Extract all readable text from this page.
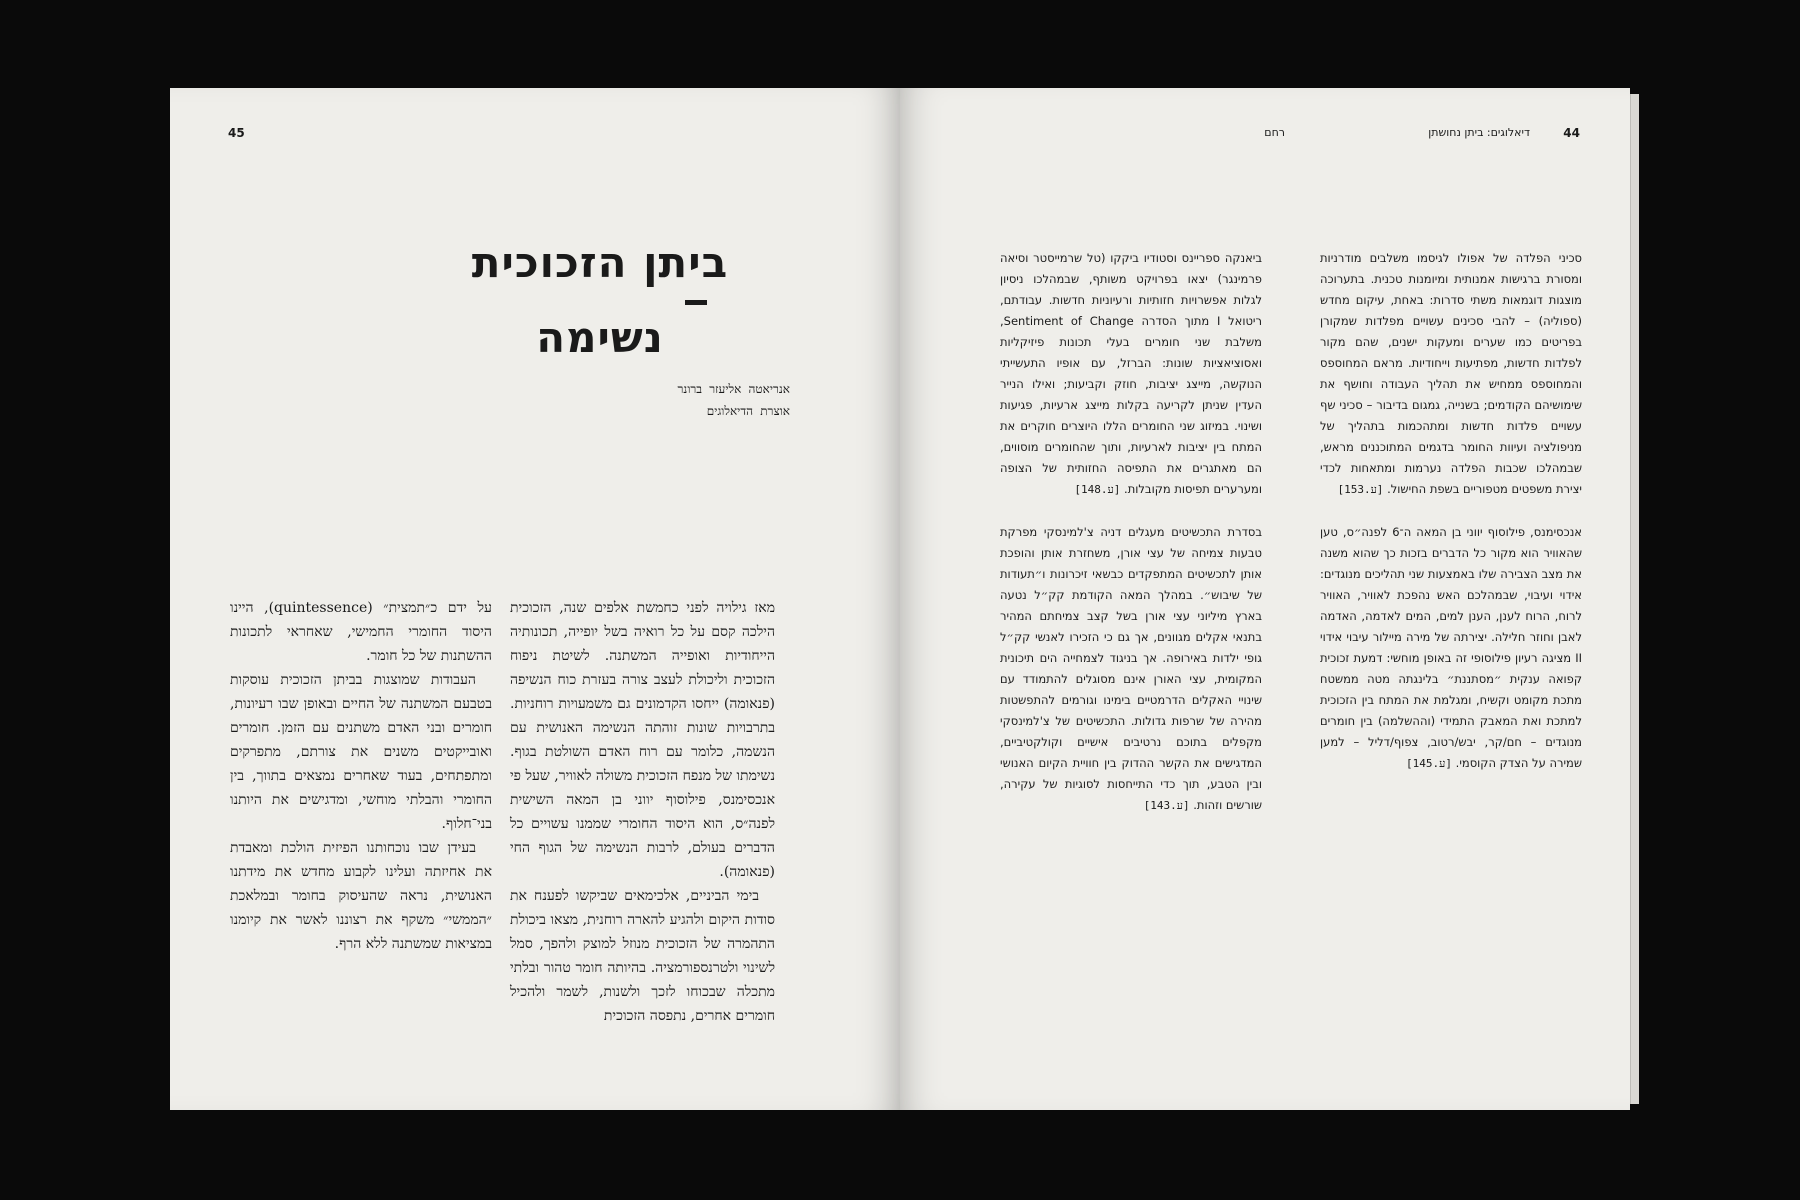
45
ביתן הזכוכית
נשימה
אנריאטה אליעזר ברונר
אוצרת הדיאלוגים

מאז גילויה לפני כחמשת אלפים שנה, הזכוכית הילכה קסם על כל רואיה בשל יופייה, תכונותיה הייחודיות ואופייה המשתנה. לשיטת ניפוח הזכוכית וליכולת לעצב צורה בעזרת כוח הנשיפה (פנאומה) ייחסו הקדמונים גם משמעויות רוחניות. בתרבויות שונות זוהתה הנשימה האנושית עם הנשמה, כלומר עם רוח האדם השולטת בגוף. נשימתו של מנפח הזכוכית משולה לאוויר, שעל פי אנכסימנס, פילוסוף יווני בן המאה השישית לפנה״ס, הוא היסוד החומרי שממנו עשויים כל הדברים בעולם, לרבות הנשימה של הגוף החי (פנאומה).

בימי הביניים, אלכימאים שביקשו לפענח את סודות היקום ולהגיע להארה רוחנית, מצאו ביכולת התהמרה של הזכוכית מנוזל למוצק ולהפך, סמל לשינוי ולטרנספורמציה. בהיותה חומר טהור ובלתי מתכלה שבכוחו לזכך ולשנות, לשמר ולהכיל חומרים אחרים, נתפסה הזכוכית

על ידם כ״תמצית״ (quintessence), היינו היסוד החומרי החמישי, שאחראי לתכונות ההשתנות של כל חומר.

העבודות שמוצגות בביתן הזכוכית עוסקות בטבעם המשתנה של החיים ובאופן שבו רעיונות, חומרים ובני האדם משתנים עם הזמן. חומרים ואובייקטים משנים את צורתם, מתפרקים ומתפתחים, בעוד שאחרים נמצאים בתווך, בין החומרי והבלתי מוחשי, ומדגישים את היותנו בני־חלוף.

בעידן שבו נוכחותנו הפיזית הולכת ומאבדת את אחיזתה ועלינו לקבוע מחדש את מידתנו האנושית, נראה שהעיסוק בחומר ובמלאכת ״הממשי״ משקף את רצוננו לאשר את קיומנו במציאות שמשתנה ללא הרף.

44
דיאלוגים: ביתן נחושתן
רחם

סכיני הפלדה של אפולו לגיסמו משלבים מודרניות ומסורת ברגישות אמנותית ומיומנות טכנית. בתערוכה מוצגות דוגמאות משתי סדרות: באחת, עיקום מחדש (ספוליה) – להבי סכינים עשויים מפלדות שמקורן בפריטים כמו שערים ומעקות ישנים, שהם מקור לפלדות חדשות, מפתיעות וייחודיות. מראם המחוספס והמחוספס ממחיש את תהליך העבודה וחושף את שימושיהם הקודמים; בשנייה, גמגום בדיבור – סכיני שף עשויים פלדות חדשות ומתהכמות בתהליך של מניפולציה ועיוות החומר בדגמים המתוכננים מראש, שבמהלכו שכבות הפלדה נערמות ומתאחות לכדי יצירת משפטים מטפוריים בשפת החישול. [ע.153]

ביאנקה ספריינס וסטודיו ביקקו (טל שרמייסטר וסיאה פרמינגר) יצאו בפרויקט משותף, שבמהלכו ניסיון לגלות אפשרויות חזותיות ורעיוניות חדשות. עבודתם, ריטואל I מתוך הסדרה Sentiment of Change, משלבת שני חומרים בעלי תכונות פיזיקליות ואסוציאציות שונות: הברזל, עם אופיו התעשייתי הנוקשה, מייצג יציבות, חוזק וקביעות; ואילו הנייר העדין שניתן לקריעה בקלות מייצג ארעיות, פגיעות ושינוי. במיזוג שני החומרים הללו היוצרים חוקרים את המתח בין יציבות לארעיות, ותוך שהחומרים מוסווים, הם מאתגרים את התפיסה החזותית של הצופה ומערערים תפיסות מקובלות. [ע.148]

אנכסימנס, פילוסוף יווני בן המאה ה־6 לפנה״ס, טען שהאוויר הוא מקור כל הדברים בזכות כך שהוא משנה את מצב הצבירה שלו באמצעות שני תהליכים מנוגדים: אידוי ועיבוי, שבמהלכם האש נהפכת לאוויר, האוויר לרוח, הרוח לענן, הענן למים, המים לאדמה, האדמה לאבן וחוזר חלילה. יצירתה של מירה מיילור עיבוי אידוי II מציגה רעיון פילוסופי זה באופן מוחשי: דמעת זכוכית קפואה ענקית ״מסתננת״ בלינגתה מטה ממשטח מתכת מקומט וקשיח, ומגלמת את המתח בין הזכוכית למתכת ואת המאבק התמידי (וההשלמה) בין חומרים מנוגדים – חם/קר, יבש/רטוב, צפוף/דליל – למען שמירה על הצדק הקוסמי. [ע.145]

בסדרת התכשיטים מעגלים דניה צ'למינסקי מפרקת טבעות צמיחה של עצי אורן, משחזרת אותן והופכת אותן לתכשיטים המתפקדים כבשאי זיכרונות ו״תעודות של שיבוש״. במהלך המאה הקודמת קק״ל נטעה בארץ מיליוני עצי אורן בשל קצב צמיחתם המהיר בתנאי אקלים מגוונים, אך גם כי הזכירו לאנשי קק״ל גופי ילדות באירופה. אך בניגוד לצמחייה הים תיכונית המקומית, עצי האורן אינם מסוגלים להתמודד עם שינויי האקלים הדרמטיים בימינו וגורמים להתפשטות מהירה של שרפות גדולות. התכשיטים של צ'למינסקי מקפלים בתוכם נרטיבים אישיים וקולקטיביים, המדגישים את הקשר ההדוק בין חוויית הקיום האנושי ובין הטבע, תוך כדי התייחסות לסוגיות של עקירה, שורשים וזהות. [ע.143]
